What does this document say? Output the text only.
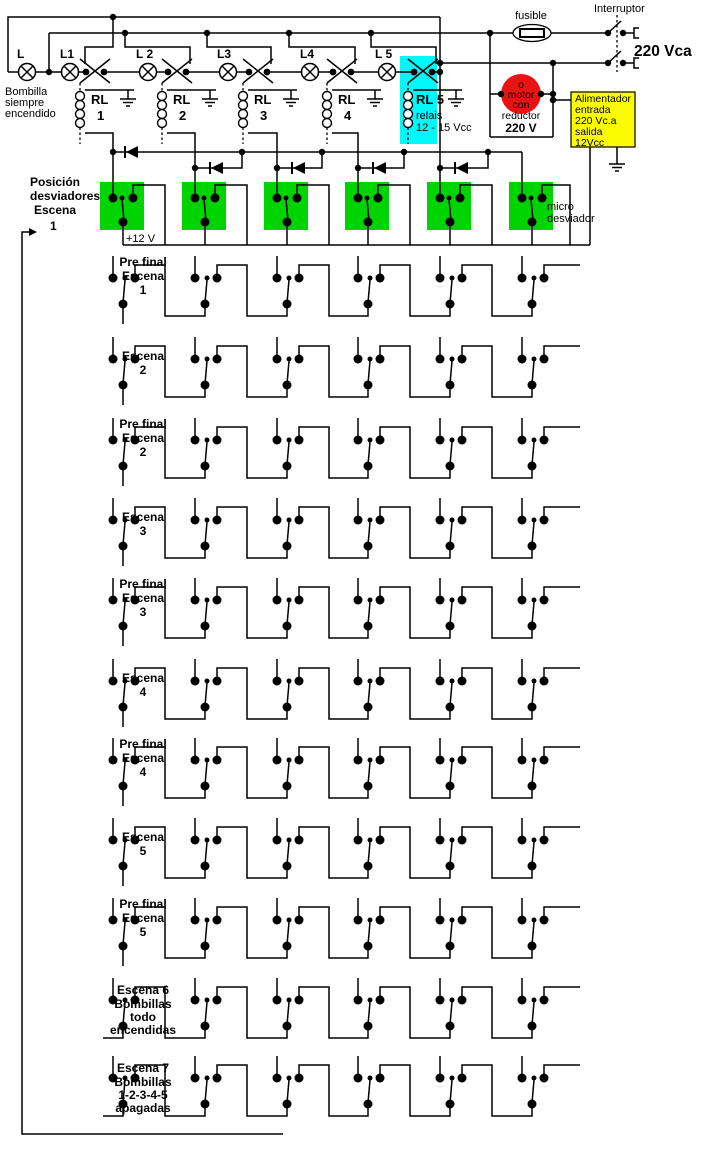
L	L1	L 2	L3	L4	L 5
RL
1
RL
2
RL
3
RL
4
Pre final
Escena
1
Escena
2
Pre final
Escena
2
Escena
3
Pre final
Escena
3
Escena
4
Pre final
Escena
4
Escena
5
Pre final
Escena
5
Escena 6
Bombillas
todo
encendidas
Escena 7
Bombillas
1-2-3-4-5
apagadas
Bombilla
siempre
encendido
fusible
Interruptor
220 Vca
o
motor
con
reductor
220 V
Alimentador
entrada
220 Vc.a
salida
12Vcc
RL 5
relais
12 - 15 Vcc
Posición
desviadores
Escena
1
micro
desviador
+12 V
